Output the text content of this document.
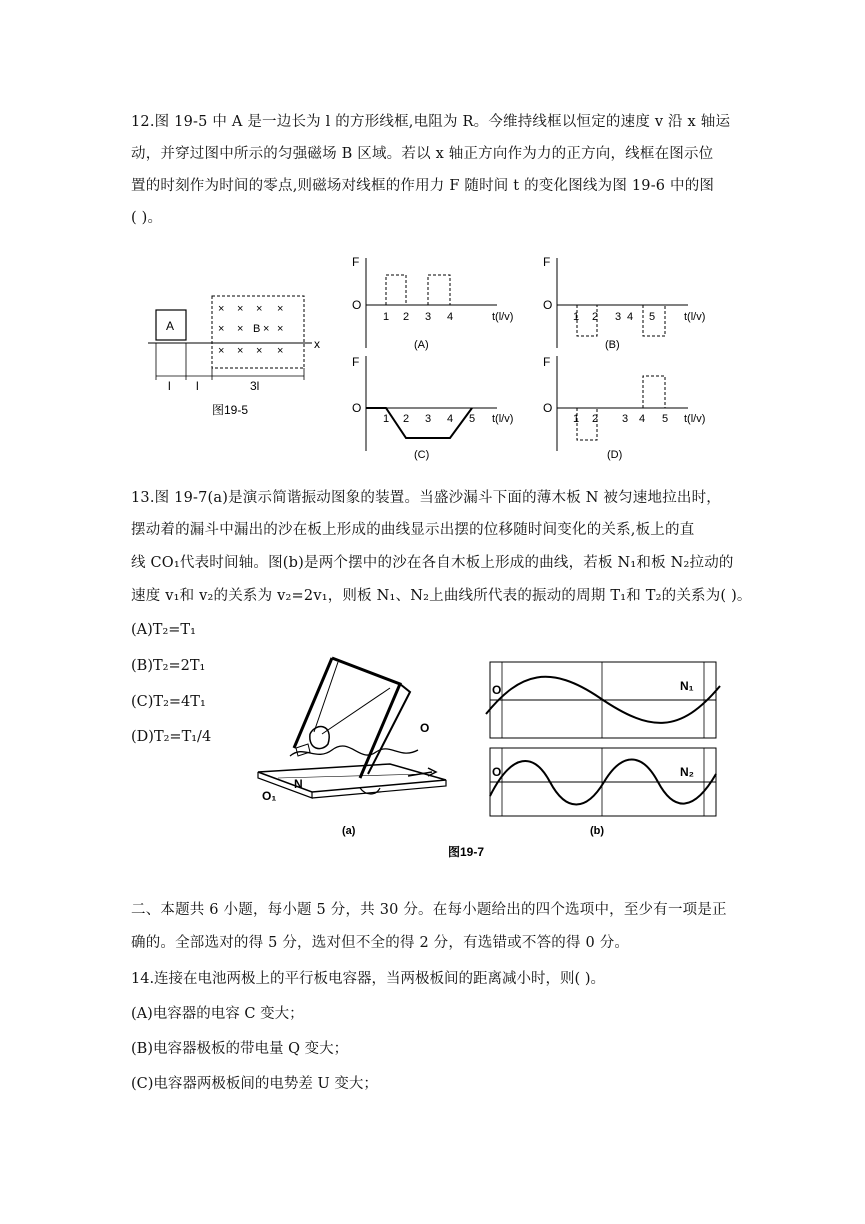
12.图 19-5 中 A 是一边长为 l 的方形线框,电阻为 R。今维持线框以恒定的速度 v 沿 x 轴运
动，并穿过图中所示的匀强磁场 B 区域。若以 x 轴正方向作为力的正方向，线框在图示位
置的时刻作为时间的零点,则磁场对线框的作用力 F 随时间 t 的变化图线为图 19-6 中的图
( )。
A
× × × ×
× ×	×
× × × ×
B ×
x
l l	3l
图19-5
F
O
1 2 3 4	t(l/v)
(A)
F
O
1 2 3 4 5	t(l/v)
(B)
F
O
1 2 3 4 5 t(l/v)
(C)
F
O
1 2 3 4 5 t(l/v)
(D)
13.图 19-7(a)是演示简谐振动图象的装置。当盛沙漏斗下面的薄木板 N 被匀速地拉出时，
摆动着的漏斗中漏出的沙在板上形成的曲线显示出摆的位移随时间变化的关系,板上的直
线 CO₁代表时间轴。图(b)是两个摆中的沙在各自木板上形成的曲线，若板 N₁和板 N₂拉动的
速度 v₁和 v₂的关系为 v₂=2v₁，则板 N₁、N₂上曲线所代表的振动的周期 T₁和 T₂的关系为( )。
(A)T₂=T₁
(B)T₂=2T₁
(C)T₂=4T₁
(D)T₂=T₁/4
O
N
O₁
(a)
O	N₁
O	N₂
(b)
图19-7
二、本题共 6 小题，每小题 5 分，共 30 分。在每小题给出的四个选项中，至少有一项是正
确的。全部选对的得 5 分，选对但不全的得 2 分，有选错或不答的得 0 分。
14.连接在电池两极上的平行板电容器，当两极板间的距离减小时，则( )。
(A)电容器的电容 C 变大；
(B)电容器极板的带电量 Q 变大；
(C)电容器两极板间的电势差 U 变大；
